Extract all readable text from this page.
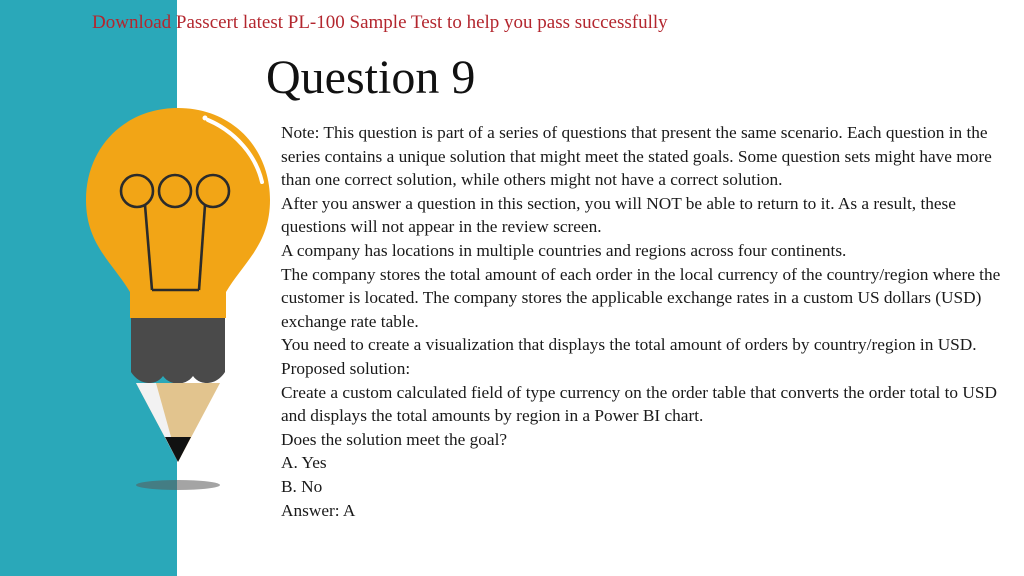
Download Passcert latest PL-100 Sample Test to help you pass successfully

Question 9

Note: This question is part of a series of questions that present the same scenario. Each question in the series contains a unique solution that might meet the stated goals. Some question sets might have more than one correct solution, while others might not have a correct solution.

After you answer a question in this section, you will NOT be able to return to it. As a result, these questions will not appear in the review screen.

A company has locations in multiple countries and regions across four continents.

The company stores the total amount of each order in the local currency of the country/region where the customer is located. The company stores the applicable exchange rates in a custom US dollars (USD) exchange rate table.

You need to create a visualization that displays the total amount of orders by country/region in USD.

Proposed solution:

Create a custom calculated field of type currency on the order table that converts the order total to USD and displays the total amounts by region in a Power BI chart.

Does the solution meet the goal?

A. Yes

B. No

Answer: A
